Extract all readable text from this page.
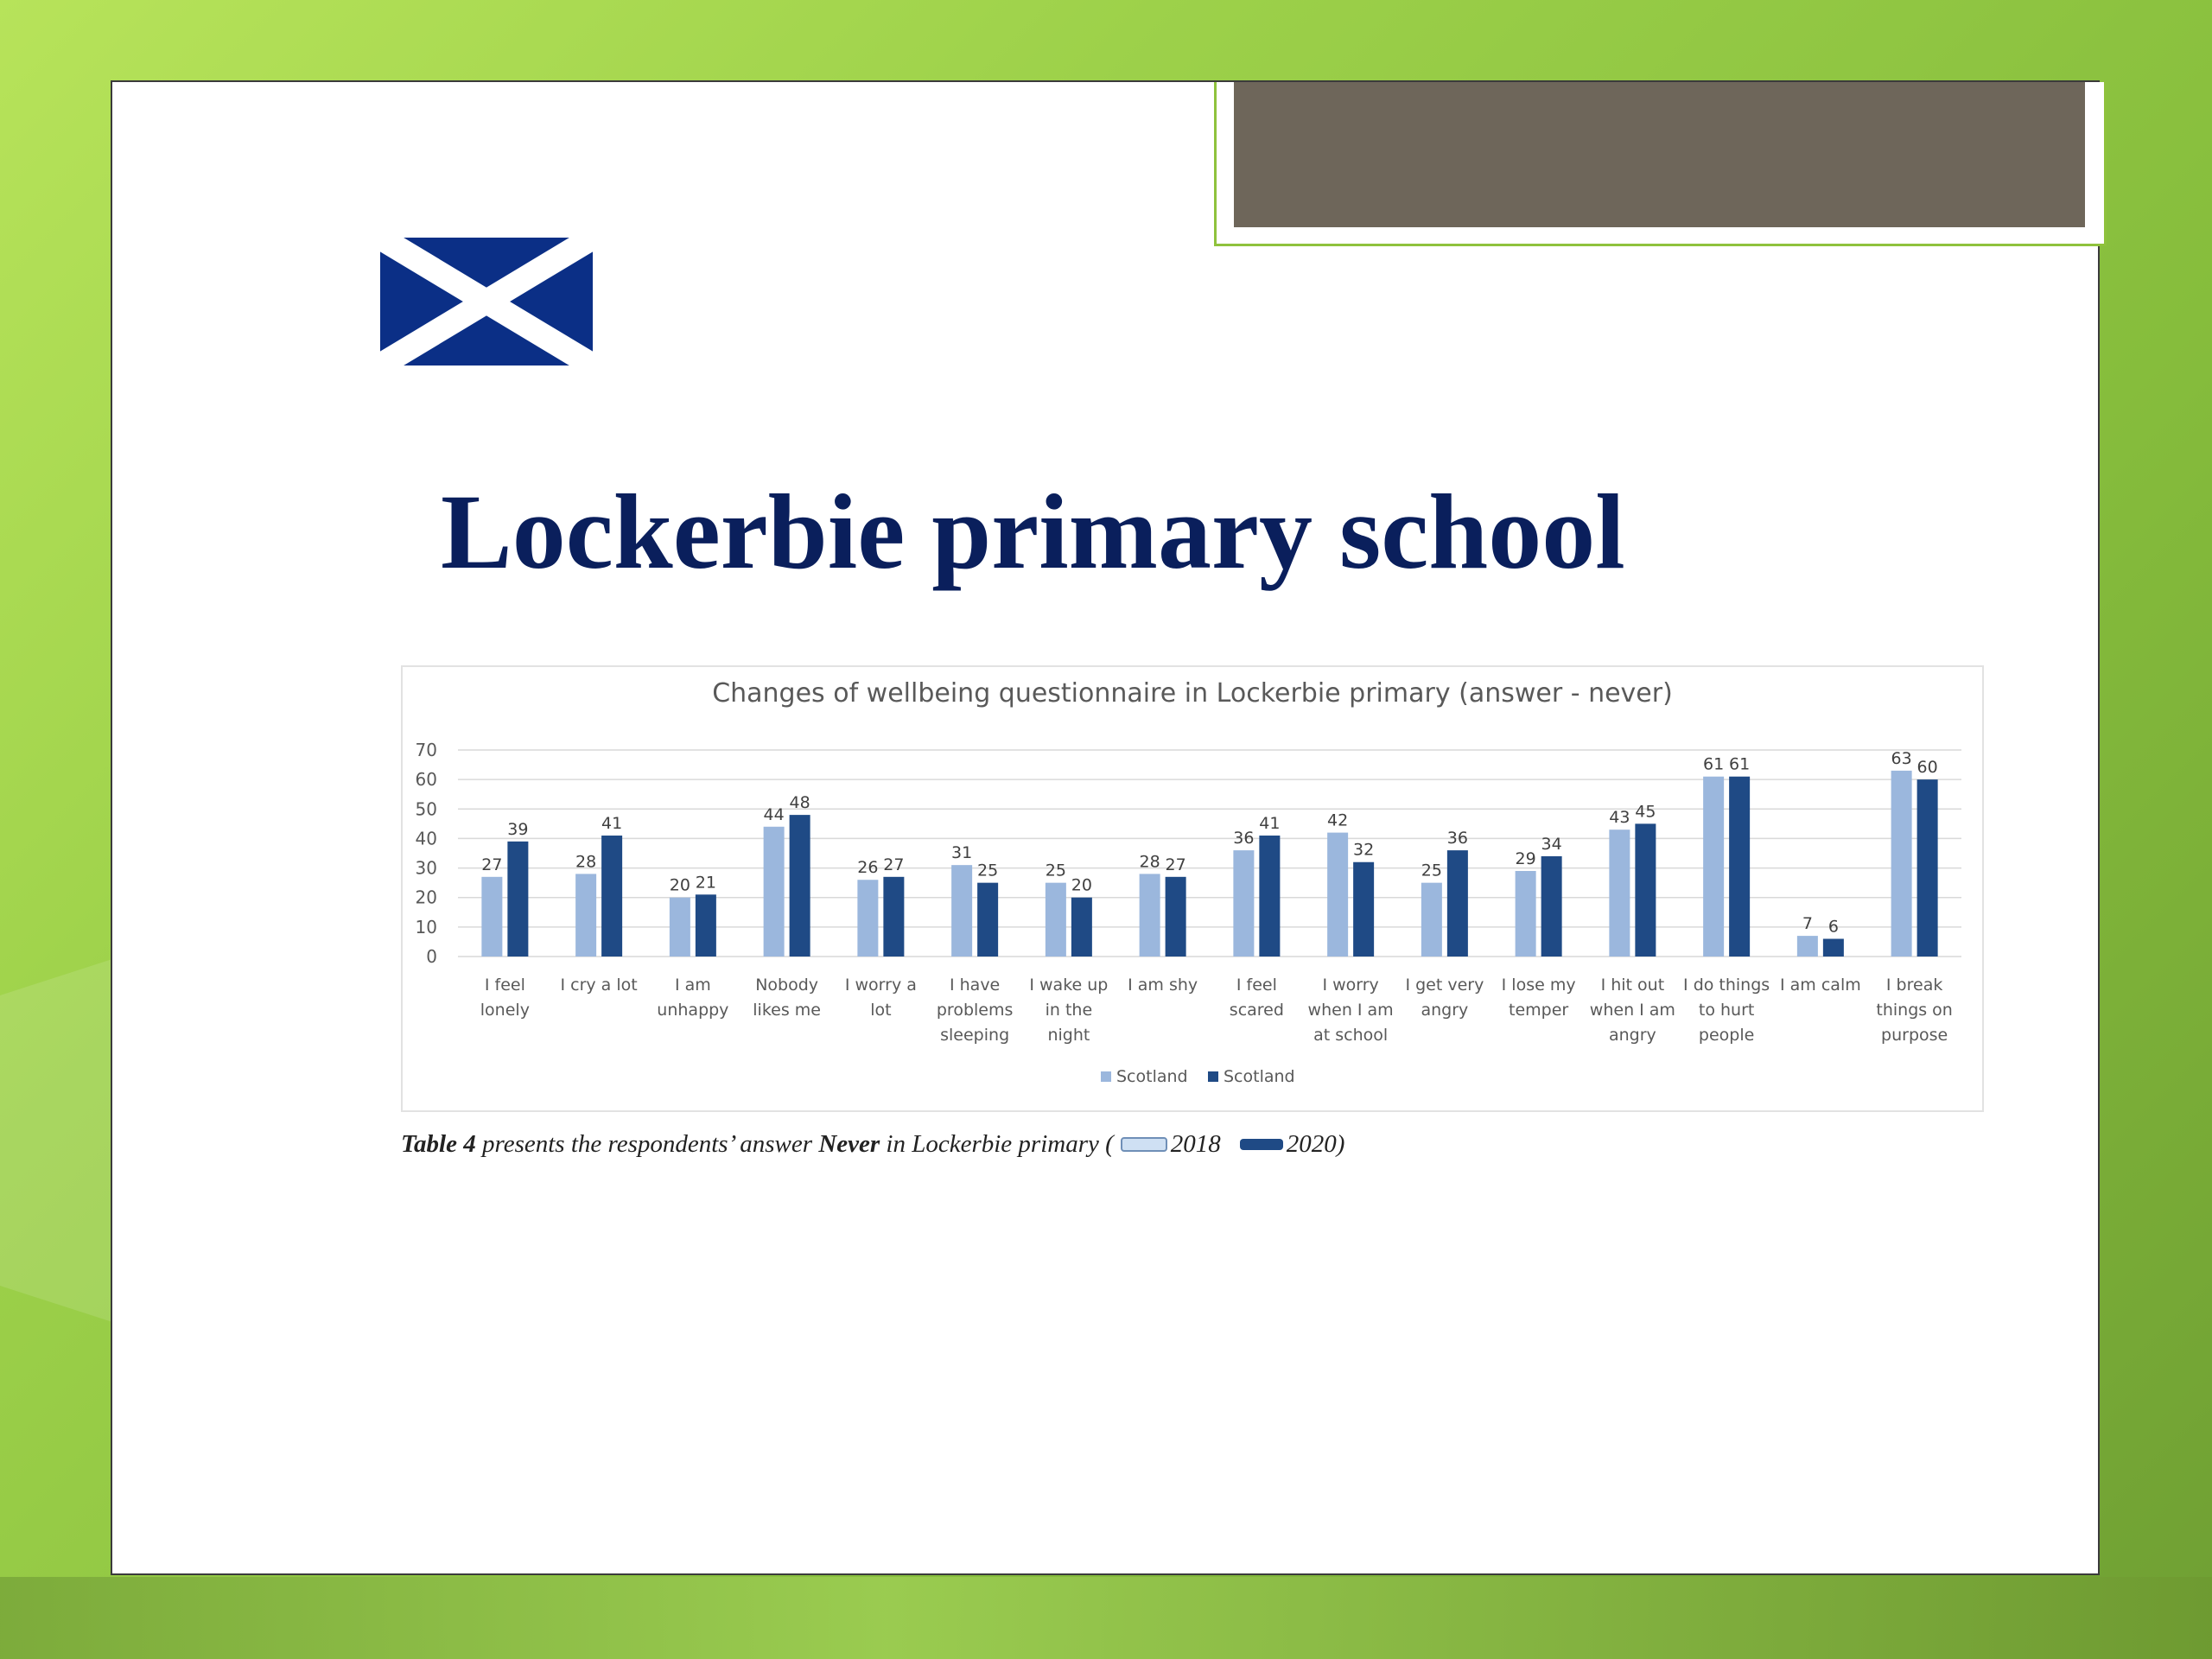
Lockerbie primary school
Changes of wellbeing questionnaire in Lockerbie primary (answer - never)
0
10
20
30
40
50
60
70
27
39
I feel
lonely
28
41
I cry a lot
20 21
I am
unhappy
44
48
Nobody
likes me
26 27
I worry a
lot
31
25
I have
problems
sleeping
25
20
I wake up
in the
night
28 27
I am shy
36
41
I feel
scared
42
32
I worry
when I am
at school
25
36
I get very
angry
29
34
I lose my
temper
43 45
I hit out
when I am
angry
61 61
I do things
to hurt
people
7 6
I am calm
63 60
I break
things on
purpose
Scotland Scotland

Table 4 presents the respondents’ answer Never in Lockerbie primary ( 2018	2020)
